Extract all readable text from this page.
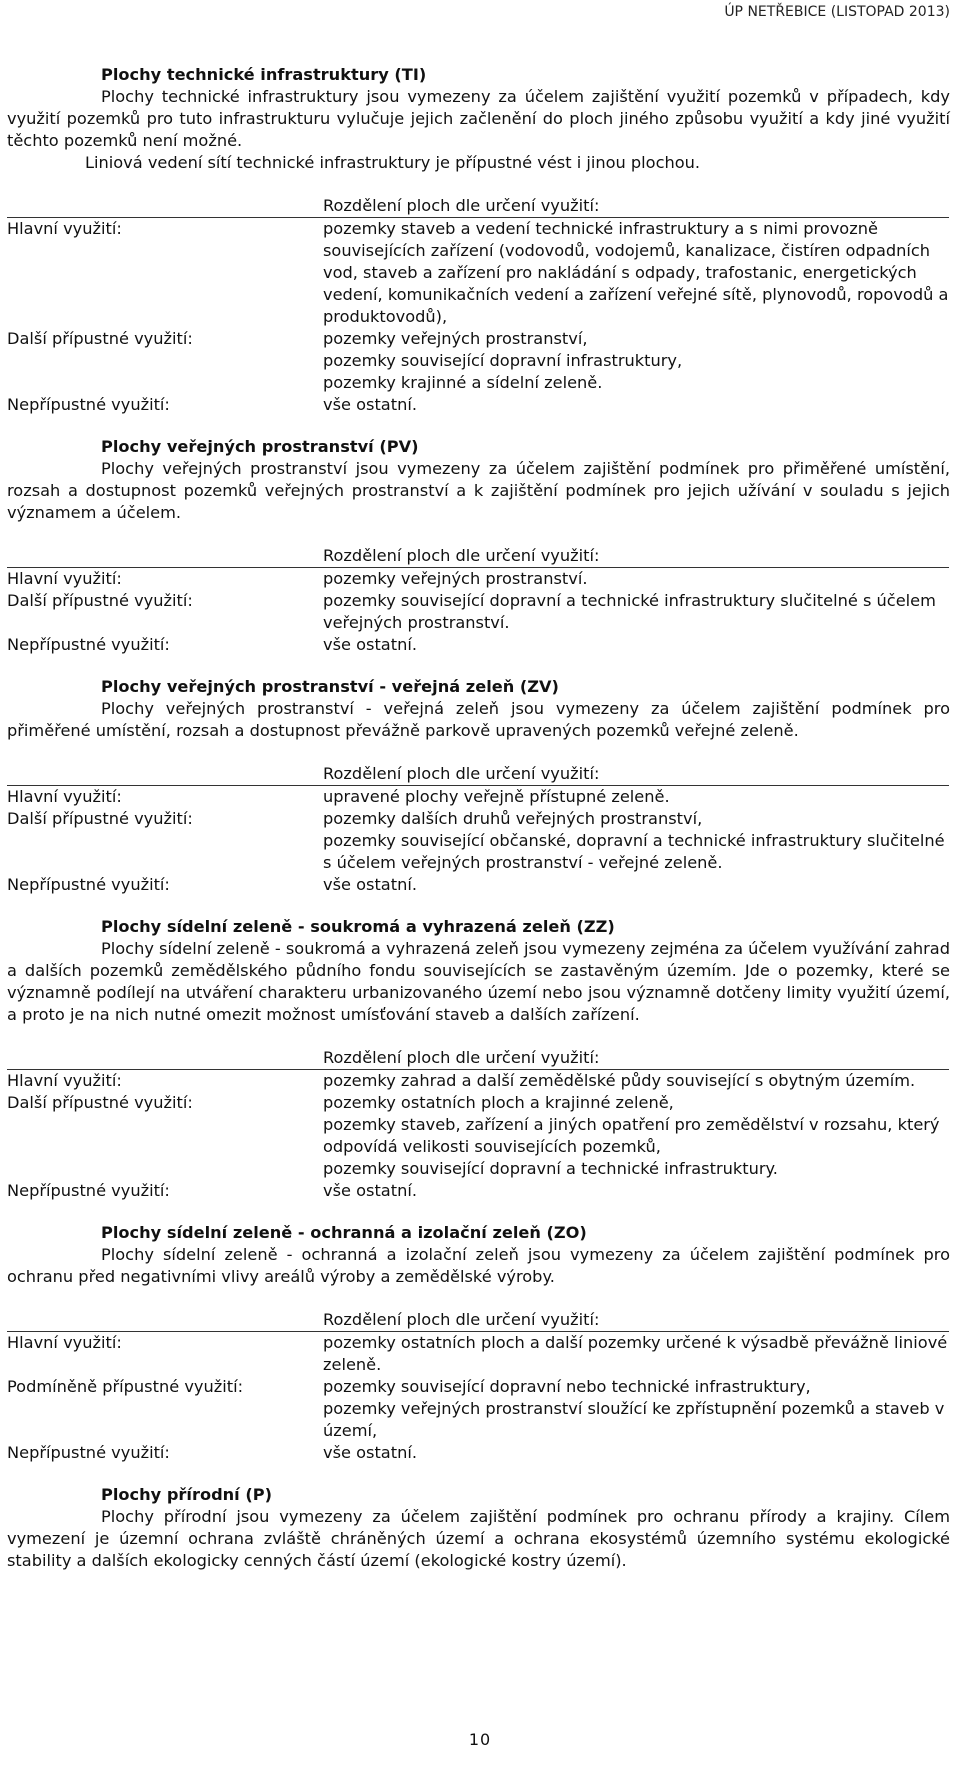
ÚP NETŘEBICE (LISTOPAD 2013)
Plochy technické infrastruktury (TI)
Plochy technické infrastruktury jsou vymezeny za účelem zajištění využití pozemků v případech, kdy využití pozemků pro tuto infrastrukturu vylučuje jejich začlenění do ploch jiného způsobu využití a kdy jiné využití těchto pozemků není možné.
Liniová vedení sítí technické infrastruktury je přípustné vést i jinou plochou.
Rozdělení ploch dle určení využití:
Hlavní využití:	pozemky staveb a vedení technické infrastruktury a s nimi provozně souvisejících zařízení (vodovodů, vodojemů, kanalizace, čistíren odpadních vod, staveb a zařízení pro nakládání s odpady, trafostanic, energetických vedení, komunikačních vedení a zařízení veřejné sítě, plynovodů, ropovodů a produktovodů),
Další přípustné využití:	pozemky veřejných prostranství,
pozemky související dopravní infrastruktury,
pozemky krajinné a sídelní zeleně.
Nepřípustné využití:	vše ostatní.
Plochy veřejných prostranství (PV)
Plochy veřejných prostranství jsou vymezeny za účelem zajištění podmínek pro přiměřené umístění, rozsah a dostupnost pozemků veřejných prostranství a k zajištění podmínek pro jejich užívání v souladu s jejich významem a účelem.
Rozdělení ploch dle určení využití:
Hlavní využití:	pozemky veřejných prostranství.
Další přípustné využití:	pozemky související dopravní a technické infrastruktury slučitelné s účelem veřejných prostranství.
Nepřípustné využití:	vše ostatní.
Plochy veřejných prostranství - veřejná zeleň (ZV)
Plochy veřejných prostranství - veřejná zeleň jsou vymezeny za účelem zajištění podmínek pro přiměřené umístění, rozsah a dostupnost převážně parkově upravených pozemků veřejné zeleně.
Rozdělení ploch dle určení využití:
Hlavní využití:	upravené plochy veřejně přístupné zeleně.
Další přípustné využití:	pozemky dalších druhů veřejných prostranství,
pozemky související občanské, dopravní a technické infrastruktury slučitelné s účelem veřejných prostranství - veřejné zeleně.
Nepřípustné využití:	vše ostatní.
Plochy sídelní zeleně - soukromá a vyhrazená zeleň (ZZ)
Plochy sídelní zeleně - soukromá a vyhrazená zeleň jsou vymezeny zejména za účelem využívání zahrad a dalších pozemků zemědělského půdního fondu souvisejících se zastavěným územím. Jde o pozemky, které se významně podílejí na utváření charakteru urbanizovaného území nebo jsou významně dotčeny limity využití území, a proto je na nich nutné omezit možnost umísťování staveb a dalších zařízení.
Rozdělení ploch dle určení využití:
Hlavní využití:	pozemky zahrad a další zemědělské půdy související s obytným územím.
Další přípustné využití:	pozemky ostatních ploch a krajinné zeleně,
pozemky staveb, zařízení a jiných opatření pro zemědělství v rozsahu, který odpovídá velikosti souvisejících pozemků,
pozemky související dopravní a technické infrastruktury.
Nepřípustné využití:	vše ostatní.
Plochy sídelní zeleně - ochranná a izolační zeleň (ZO)
Plochy sídelní zeleně - ochranná a izolační zeleň jsou vymezeny za účelem zajištění podmínek pro ochranu před negativními vlivy areálů výroby a zemědělské výroby.
Rozdělení ploch dle určení využití:
Hlavní využití:	pozemky ostatních ploch a další pozemky určené k výsadbě převážně liniové zeleně.
Podmíněně přípustné využití:	pozemky související dopravní nebo technické infrastruktury,
pozemky veřejných prostranství sloužící ke zpřístupnění pozemků a staveb v území,
Nepřípustné využití:	vše ostatní.
Plochy přírodní (P)
Plochy přírodní jsou vymezeny za účelem zajištění podmínek pro ochranu přírody a krajiny. Cílem vymezení je územní ochrana zvláště chráněných území a ochrana ekosystémů územního systému ekologické stability a dalších ekologicky cenných částí území (ekologické kostry území).
10
